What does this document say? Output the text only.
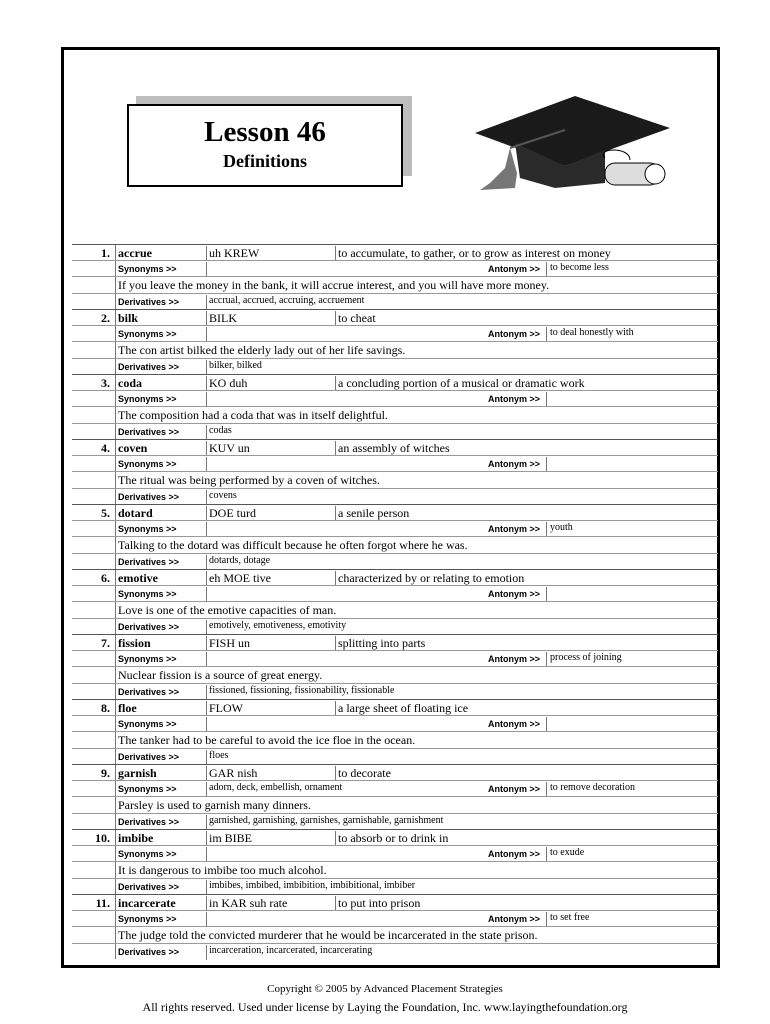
Lesson 46
Definitions
1. accrue	uh KREW	to accumulate, to gather, or to grow as interest on money
Synonyms >>	Antonym >> to become less
If you leave the money in the bank, it will accrue interest, and you will have more money.
Derivatives >>	accrual, accrued, accruing, accruement
2. bilk	BILK	to cheat
Synonyms >>	Antonym >> to deal honestly with
The con artist bilked the elderly lady out of her life savings.
Derivatives >>	bilker, bilked
3. coda	KO duh	a concluding portion of a musical or dramatic work
Synonyms >>	Antonym >>
The composition had a coda that was in itself delightful.
Derivatives >>	codas
4. coven	KUV un	an assembly of witches
Synonyms >>	Antonym >>
The ritual was being performed by a coven of witches.
Derivatives >>	covens
5. dotard	DOE turd	a senile person
Synonyms >>	Antonym >> youth
Talking to the dotard was difficult because he often forgot where he was.
Derivatives >>	dotards, dotage
6. emotive	eh MOE tive	characterized by or relating to emotion
Synonyms >>	Antonym >>
Love is one of the emotive capacities of man.
Derivatives >>	emotively, emotiveness, emotivity
7. fission	FISH un	splitting into parts
Synonyms >>	Antonym >> process of joining
Nuclear fission is a source of great energy.
Derivatives >>	fissioned, fissioning, fissionability, fissionable
8. floe	FLOW	a large sheet of floating ice
Synonyms >>	Antonym >>
The tanker had to be careful to avoid the ice floe in the ocean.
Derivatives >>	floes
9. garnish	GAR nish	to decorate
Synonyms >>	adorn, deck, embellish, ornament	Antonym >> to remove decoration
Parsley is used to garnish many dinners.
Derivatives >>	garnished, garnishing, garnishes, garnishable, garnishment
10. imbibe	im BIBE	to absorb or to drink in
Synonyms >>	Antonym >> to exude
It is dangerous to imbibe too much alcohol.
Derivatives >>	imbibes, imbibed, imbibition, imbibitional, imbiber
11. incarcerate	in KAR suh rate	to put into prison
Synonyms >>	Antonym >> to set free
The judge told the convicted murderer that he would be incarcerated in the state prison.
Derivatives >>	incarceration, incarcerated, incarcerating
Copyright © 2005 by Advanced Placement Strategies
All rights reserved. Used under license by Laying the Foundation, Inc. www.layingthefoundation.org
